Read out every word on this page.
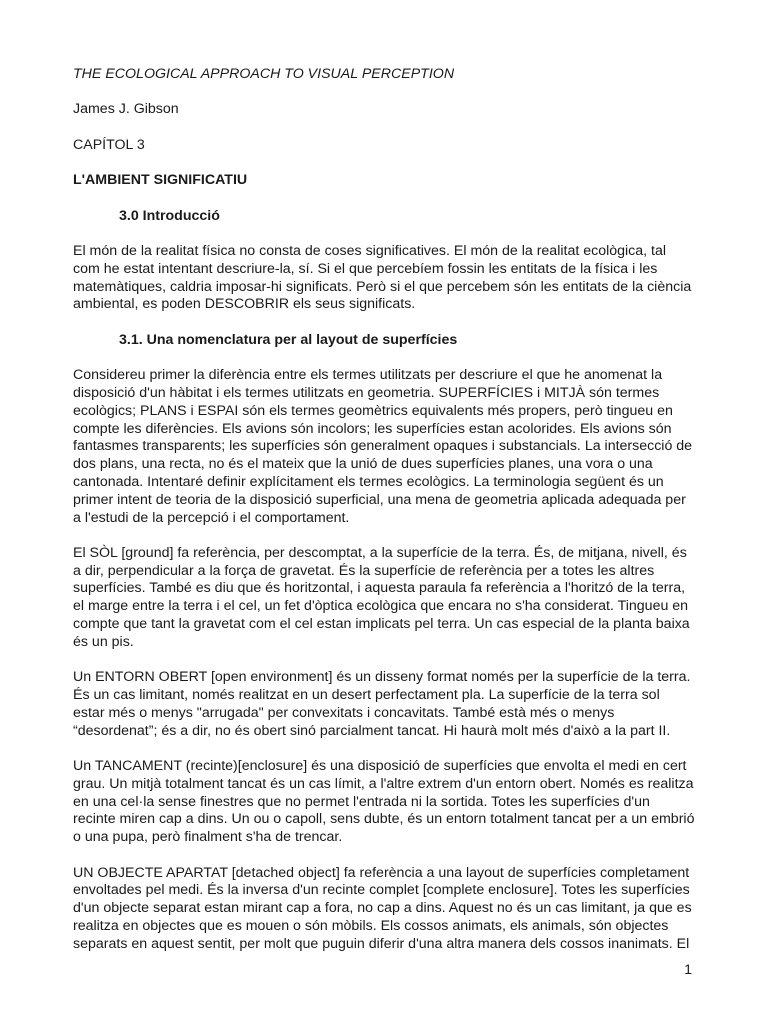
THE ECOLOGICAL APPROACH TO VISUAL PERCEPTION

James J. Gibson

CAPÍTOL 3

L'AMBIENT SIGNIFICATIU

3.0 Introducció

El món de la realitat física no consta de coses significatives. El món de la realitat ecològica, tal

com he estat intentant descriure-la, sí. Si el que percebíem fossin les entitats de la física i les

matemàtiques, caldria imposar-hi significats. Però si el que percebem són les entitats de la ciència

ambiental, es poden DESCOBRIR els seus significats.

3.1. Una nomenclatura per al layout de superfícies

Considereu primer la diferència entre els termes utilitzats per descriure el que he anomenat la

disposició d'un hàbitat i els termes utilitzats en geometria. SUPERFÍCIES i MITJÀ són termes

ecològics; PLANS i ESPAI són els termes geomètrics equivalents més propers, però tingueu en

compte les diferències. Els avions són incolors; les superfícies estan acolorides. Els avions són

fantasmes transparents; les superfícies són generalment opaques i substancials. La intersecció de

dos plans, una recta, no és el mateix que la unió de dues superfícies planes, una vora o una

cantonada. Intentaré definir explícitament els termes ecològics. La terminologia següent és un

primer intent de teoria de la disposició superficial, una mena de geometria aplicada adequada per

a l'estudi de la percepció i el comportament.

El SÒL [ground] fa referència, per descomptat, a la superfície de la terra. És, de mitjana, nivell, és

a dir, perpendicular a la força de gravetat. És la superfície de referència per a totes les altres

superfícies. També es diu que és horitzontal, i aquesta paraula fa referència a l'horitzó de la terra,

el marge entre la terra i el cel, un fet d'òptica ecològica que encara no s'ha considerat. Tingueu en

compte que tant la gravetat com el cel estan implicats pel terra. Un cas especial de la planta baixa

és un pis.

Un ENTORN OBERT [open environment] és un disseny format només per la superfície de la terra.

És un cas limitant, només realitzat en un desert perfectament pla. La superfície de la terra sol

estar més o menys "arrugada" per convexitats i concavitats. També està més o menys

“desordenat”; és a dir, no és obert sinó parcialment tancat. Hi haurà molt més d'això a la part II.

Un TANCAMENT (recinte)[enclosure] és una disposició de superfícies que envolta el medi en cert

grau. Un mitjà totalment tancat és un cas límit, a l'altre extrem d'un entorn obert. Només es realitza

en una cel·la sense finestres que no permet l'entrada ni la sortida. Totes les superfícies d'un

recinte miren cap a dins. Un ou o capoll, sens dubte, és un entorn totalment tancat per a un embrió

o una pupa, però finalment s'ha de trencar.

UN OBJECTE APARTAT [detached object] fa referència a una layout de superfícies completament

envoltades pel medi. És la inversa d'un recinte complet [complete enclosure]. Totes les superfícies

d'un objecte separat estan mirant cap a fora, no cap a dins. Aquest no és un cas limitant, ja que es

realitza en objectes que es mouen o són mòbils. Els cossos animats, els animals, són objectes

separats en aquest sentit, per molt que puguin diferir d'una altra manera dels cossos inanimats. El

1
